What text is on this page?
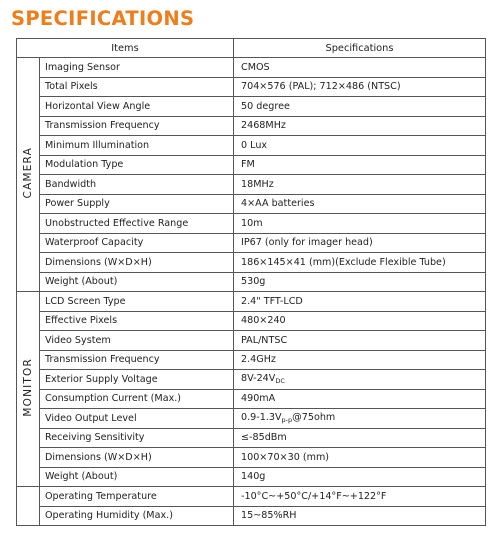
SPECIFICATIONS
Items		Specifications
CAMERA	Imaging Sensor	CMOS
	Total Pixels	704×576 (PAL); 712×486 (NTSC)
	Horizontal View Angle	50 degree
	Transmission Frequency	2468MHz
	Minimum Illumination	0 Lux
	Modulation Type	FM
	Bandwidth	18MHz
	Power Supply	4×AA batteries
	Unobstructed Effective Range	10m
	Waterproof Capacity	IP67 (only for imager head)
	Dimensions (W×D×H)	186×145×41 (mm)(Exclude Flexible Tube)
	Weight (About)	530g
MONITOR	LCD Screen Type	2.4" TFT-LCD
	Effective Pixels	480×240
	Video System	PAL/NTSC
	Transmission Frequency	2.4GHz
	Exterior Supply Voltage	$8V-24V_{DC}$
	Consumption Current (Max.)	490mA
	Video Output Level	$0.9-1.3V_{p-p}@75ohm$
	Receiving Sensitivity	≤-85dBm
	Dimensions (W×D×H)	100×70×30 (mm)
	Weight (About)	140g
	Operating Temperature	-10°C~+50°C/+14°F~+122°F
	Operating Humidity (Max.)	15~85%RH
